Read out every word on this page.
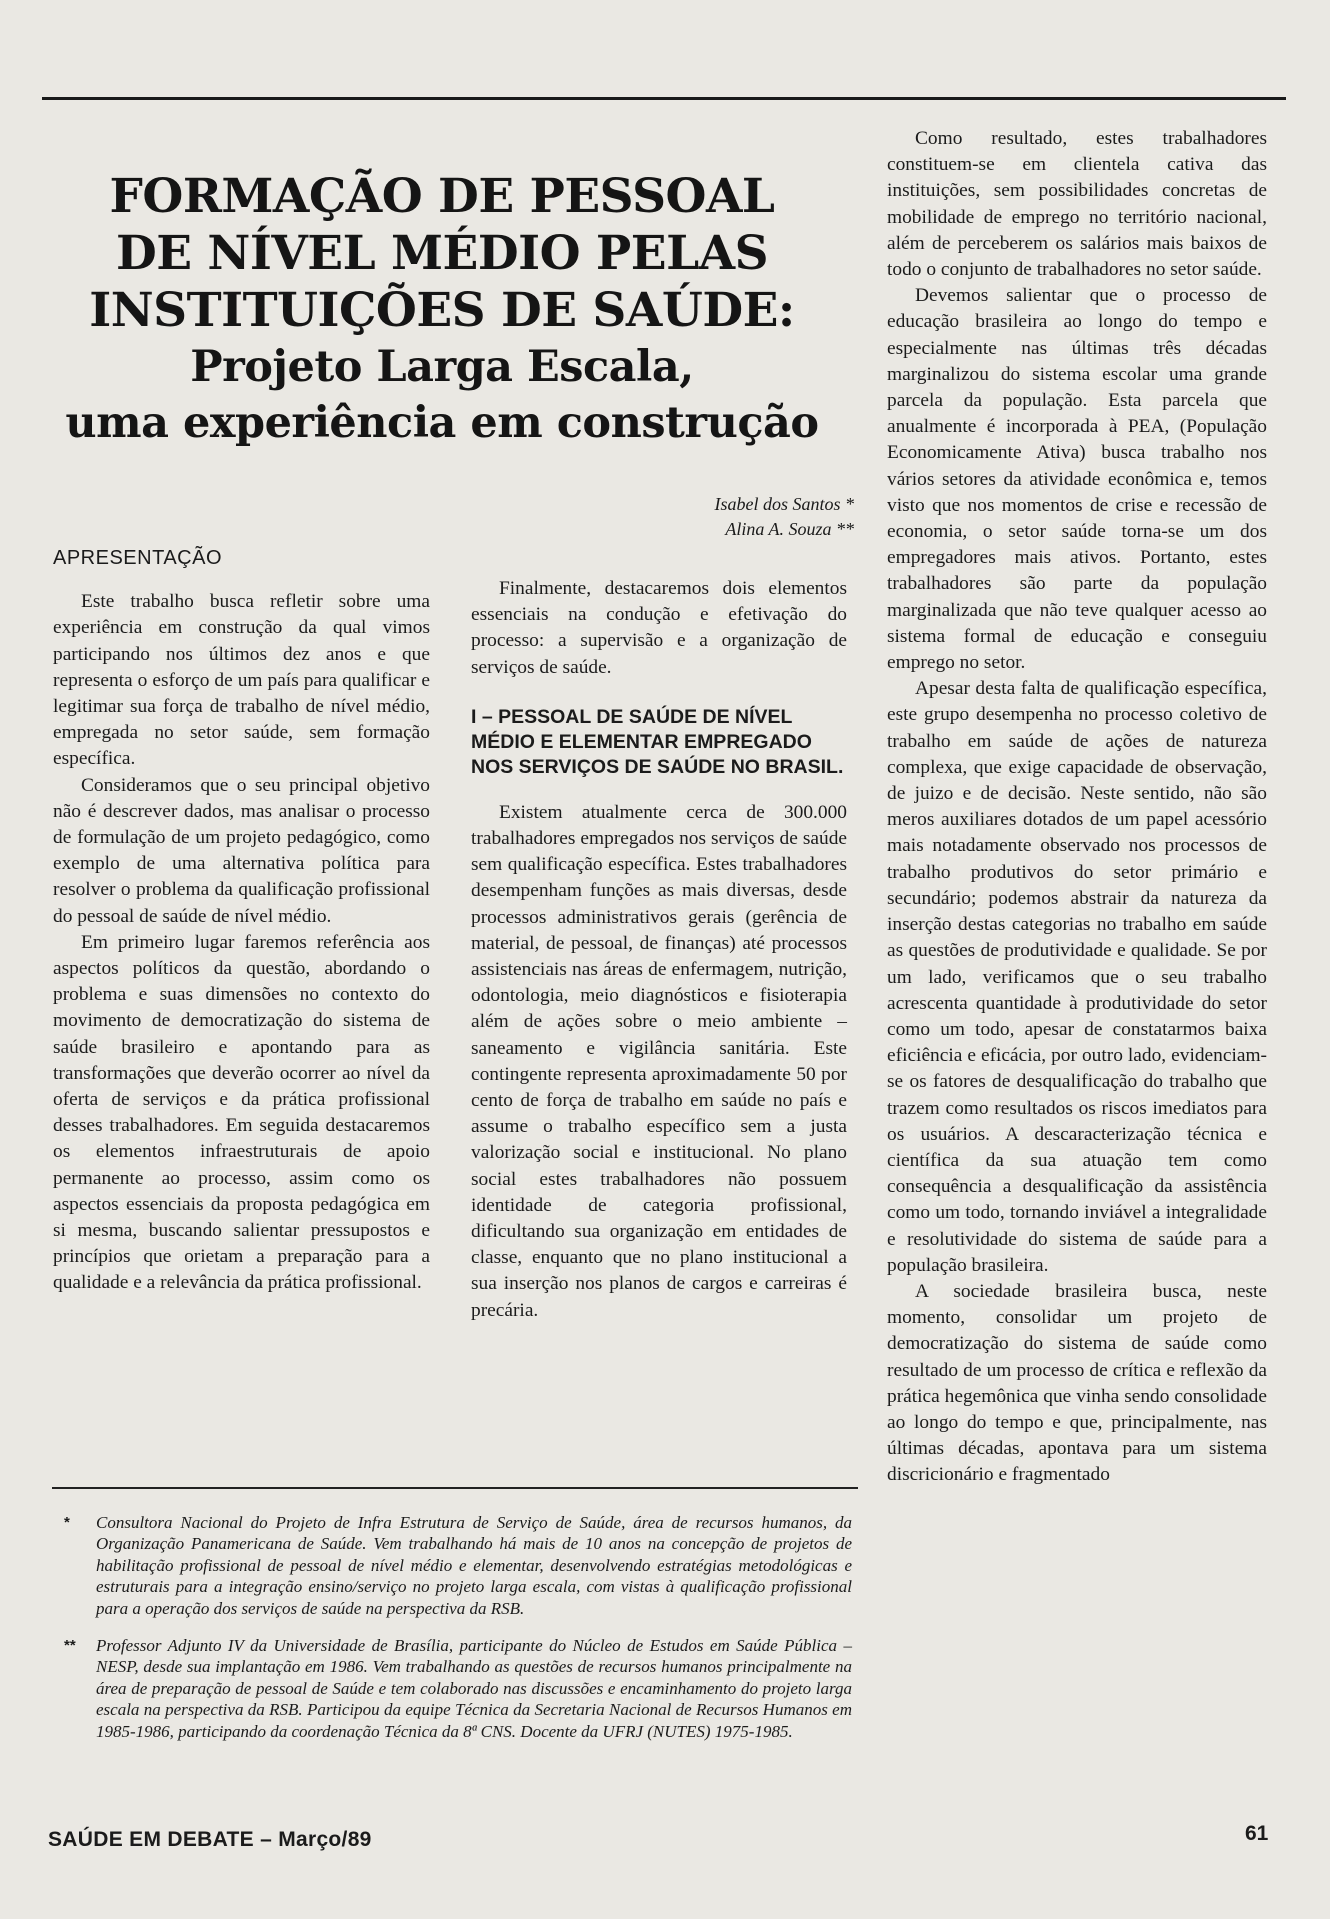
FORMAÇÃO DE PESSOAL
DE NÍVEL MÉDIO PELAS
INSTITUIÇÕES DE SAÚDE:
Projeto Larga Escala,
uma experiência em construção
Isabel dos Santos *
Alina A. Souza **
APRESENTAÇÃO

Este trabalho busca refletir sobre uma experiência em construção da qual vimos participando nos últimos dez anos e que representa o esforço de um país para qualificar e legitimar sua força de trabalho de nível médio, empregada no setor saúde, sem formação específica.

Consideramos que o seu principal objetivo não é descrever dados, mas analisar o processo de formulação de um projeto pedagógico, como exemplo de uma alternativa política para resolver o problema da qualificação profissional do pessoal de saúde de nível médio.

Em primeiro lugar faremos referência aos aspectos políticos da questão, abordando o problema e suas dimensões no contexto do movimento de democratização do sistema de saúde brasileiro e apontando para as transformações que deverão ocorrer ao nível da oferta de serviços e da prática profissional desses trabalhadores. Em seguida destacaremos os elementos infraestruturais de apoio permanente ao processo, assim como os aspectos essenciais da proposta pedagógica em si mesma, buscando salientar pressupostos e princípios que orietam a preparação para a qualidade e a relevância da prática profissional.

Finalmente, destacaremos dois elementos essenciais na condução e efetivação do processo: a supervisão e a organização de serviços de saúde.

I – PESSOAL DE SAÚDE DE NÍVEL MÉDIO E ELEMENTAR EMPREGADO NOS SERVIÇOS DE SAÚDE NO BRASIL.

Existem atualmente cerca de 300.000 trabalhadores empregados nos serviços de saúde sem qualificação específica. Estes trabalhadores desempenham funções as mais diversas, desde processos administrativos gerais (gerência de material, de pessoal, de finanças) até processos assistenciais nas áreas de enfermagem, nutrição, odontologia, meio diagnósticos e fisioterapia além de ações sobre o meio ambiente – saneamento e vigilância sanitária. Este contingente representa aproximadamente 50 por cento de força de trabalho em saúde no país e assume o trabalho específico sem a justa valorização social e institucional. No plano social estes trabalhadores não possuem identidade de categoria profissional, dificultando sua organização em entidades de classe, enquanto que no plano institucional a sua inserção nos planos de cargos e carreiras é precária.

Como resultado, estes trabalhadores constituem-se em clientela cativa das instituições, sem possibilidades concretas de mobilidade de emprego no território nacional, além de perceberem os salários mais baixos de todo o conjunto de trabalhadores no setor saúde.

Devemos salientar que o processo de educação brasileira ao longo do tempo e especialmente nas últimas três décadas marginalizou do sistema escolar uma grande parcela da população. Esta parcela que anualmente é incorporada à PEA, (População Economicamente Ativa) busca trabalho nos vários setores da atividade econômica e, temos visto que nos momentos de crise e recessão de economia, o setor saúde torna-se um dos empregadores mais ativos. Portanto, estes trabalhadores são parte da população marginalizada que não teve qualquer acesso ao sistema formal de educação e conseguiu emprego no setor.

Apesar desta falta de qualificação específica, este grupo desempenha no processo coletivo de trabalho em saúde de ações de natureza complexa, que exige capacidade de observação, de juizo e de decisão. Neste sentido, não são meros auxiliares dotados de um papel acessório mais notadamente observado nos processos de trabalho produtivos do setor primário e secundário; podemos abstrair da natureza da inserção destas categorias no trabalho em saúde as questões de produtividade e qualidade. Se por um lado, verificamos que o seu trabalho acrescenta quantidade à produtividade do setor como um todo, apesar de constatarmos baixa eficiência e eficácia, por outro lado, evidenciam-se os fatores de desqualificação do trabalho que trazem como resultados os riscos imediatos para os usuários. A descaracterização técnica e científica da sua atuação tem como consequência a desqualificação da assistência como um todo, tornando inviável a integralidade e resolutividade do sistema de saúde para a população brasileira.

A sociedade brasileira busca, neste momento, consolidar um projeto de democratização do sistema de saúde como resultado de um processo de crítica e reflexão da prática hegemônica que vinha sendo consolidade ao longo do tempo e que, principalmente, nas últimas décadas, apontava para um sistema discricionário e fragmentado

* Consultora Nacional do Projeto de Infra Estrutura de Serviço de Saúde, área de recursos humanos, da Organização Panamericana de Saúde. Vem trabalhando há mais de 10 anos na concepção de projetos de habilitação profissional de pessoal de nível médio e elementar, desenvolvendo estratégias metodológicas e estruturais para a integração ensino/serviço no projeto larga escala, com vistas à qualificação profissional para a operação dos serviços de saúde na perspectiva da RSB.
** Professor Adjunto IV da Universidade de Brasília, participante do Núcleo de Estudos em Saúde Pública – NESP, desde sua implantação em 1986. Vem trabalhando as questões de recursos humanos principalmente na área de preparação de pessoal de Saúde e tem colaborado nas discussões e encaminhamento do projeto larga escala na perspectiva da RSB. Participou da equipe Técnica da Secretaria Nacional de Recursos Humanos em 1985-1986, participando da coordenação Técnica da 8ª CNS. Docente da UFRJ (NUTES) 1975-1985.
SAÚDE EM DEBATE – Março/89	61
